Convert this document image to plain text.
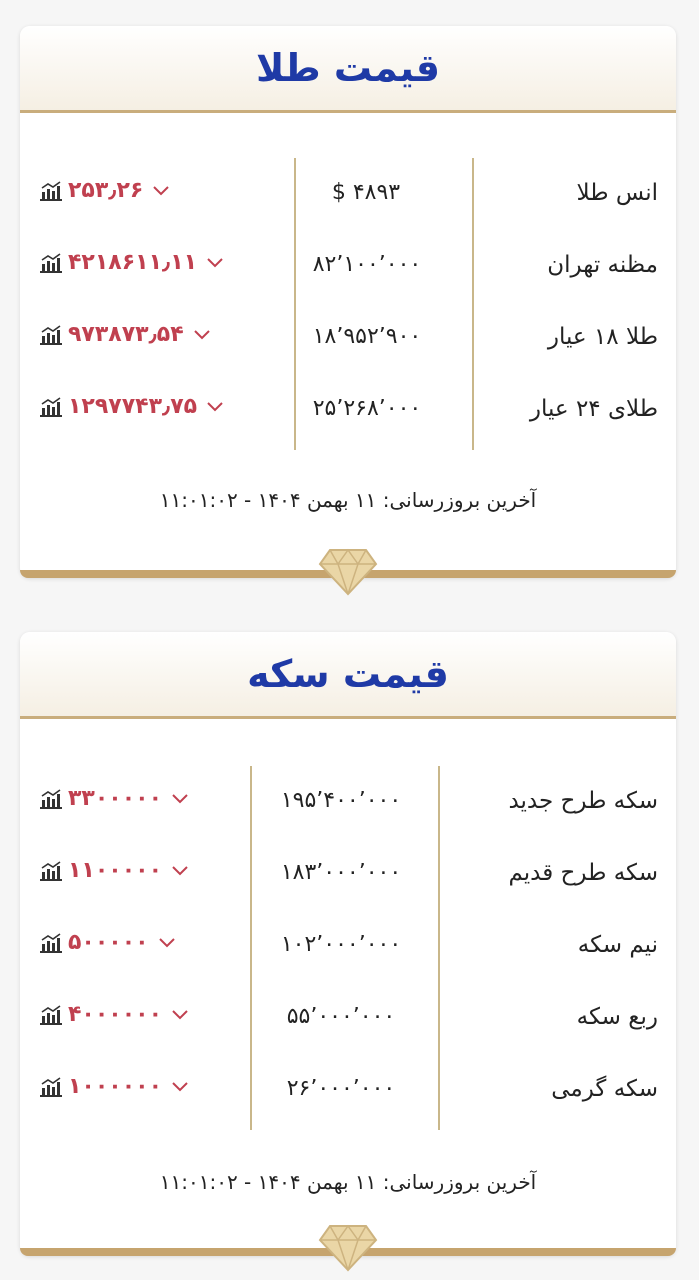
قیمت طلا
انس طلا
۴۸۹۳ $
۲۵۳٫۲۶
مظنه تهران
۸۲٬۱۰۰٬۰۰۰
۴۲۱۸۶۱۱٫۱۱
طلا ۱۸ عیار
۱۸٬۹۵۲٬۹۰۰
۹۷۳۸۷۳٫۵۴
طلای ۲۴ عیار
۲۵٬۲۶۸٬۰۰۰
۱۲۹۷۷۴۳٫۷۵
آخرین بروزرسانی: ۱۱ بهمن ۱۴۰۴ - ۱۱:۰۱:۰۲
قیمت سکه
سکه طرح جدید
۱۹۵٬۴۰۰٬۰۰۰
۳۳۰۰۰۰۰
سکه طرح قدیم
۱۸۳٬۰۰۰٬۰۰۰
۱۱۰۰۰۰۰
نیم سکه
۱۰۲٬۰۰۰٬۰۰۰
۵۰۰۰۰۰
ربع سکه
۵۵٬۰۰۰٬۰۰۰
۴۰۰۰۰۰۰
سکه گرمی
۲۶٬۰۰۰٬۰۰۰
۱۰۰۰۰۰۰
آخرین بروزرسانی: ۱۱ بهمن ۱۴۰۴ - ۱۱:۰۱:۰۲
